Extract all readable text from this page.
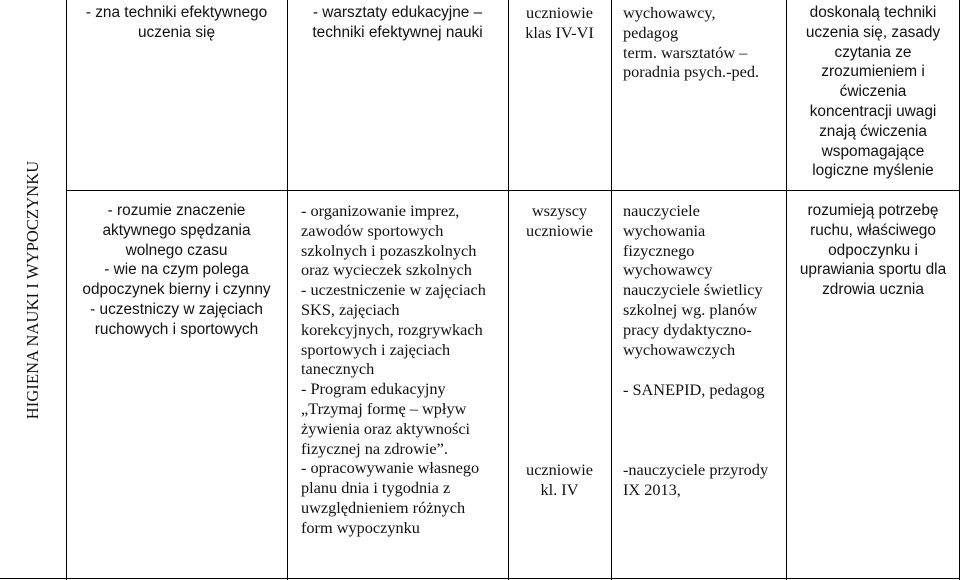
HIGIENA NAUKI I WYPOCZYNKU
- zna techniki efektywnego
uczenia się
- warsztaty edukacyjne –
techniki efektywnej nauki
uczniowie
klas IV-VI
wychowawcy,
pedagog
term. warsztatów –
poradnia psych.-ped.
doskonalą techniki
uczenia się, zasady
czytania ze
zrozumieniem i
ćwiczenia
koncentracji uwagi
znają ćwiczenia
wspomagające
logiczne myślenie
- rozumie znaczenie
aktywnego spędzania
wolnego czasu
- wie na czym polega
odpoczynek bierny i czynny
- uczestniczy w zajęciach
ruchowych i sportowych
- organizowanie imprez,
zawodów sportowych
szkolnych i pozaszkolnych
oraz wycieczek szkolnych
- uczestniczenie w zajęciach
SKS, zajęciach
korekcyjnych, rozgrywkach
sportowych i zajęciach
tanecznych
- Program edukacyjny
„Trzymaj formę – wpływ
żywienia oraz aktywności
fizycznej na zdrowie”.
- opracowywanie własnego
planu dnia i tygodnia z
uwzględnieniem różnych
form wypoczynku
wszyscy
uczniowie
uczniowie
kl. IV
nauczyciele
wychowania
fizycznego
wychowawcy
nauczyciele świetlicy
szkolnej wg. planów
pracy dydaktyczno-
wychowawczych
- SANEPID, pedagog
-nauczyciele przyrody
IX 2013,
rozumieją potrzebę
ruchu, właściwego
odpoczynku i
uprawiania sportu dla
zdrowia ucznia
